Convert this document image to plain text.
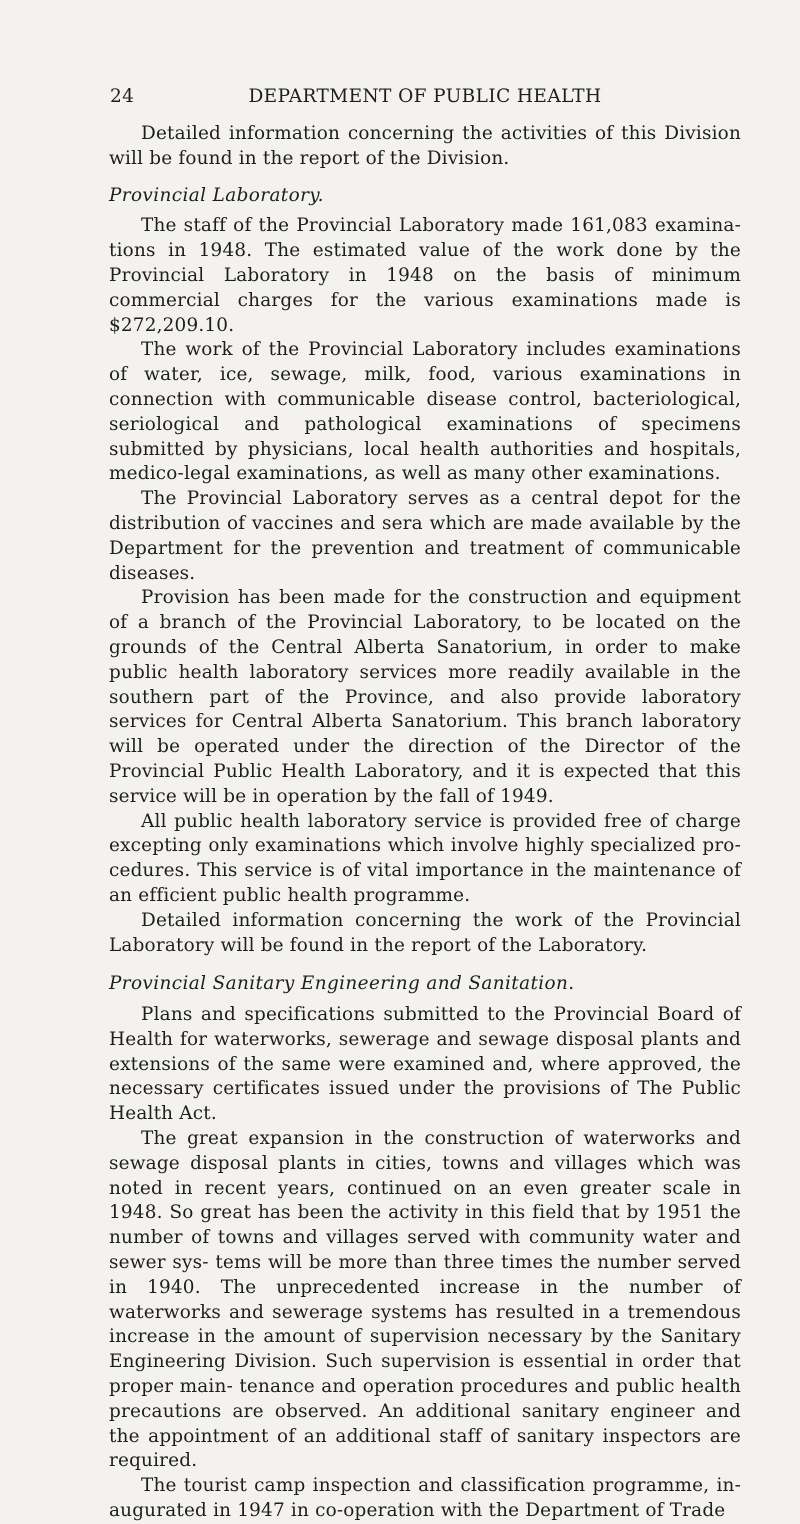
24	DEPARTMENT OF PUBLIC HEALTH

Detailed information concerning the activities of this Division will be found in the report of the Division.

Provincial Laboratory.

The staff of the Provincial Laboratory made 161,083 examina- tions in 1948. The estimated value of the work done by the Provincial Laboratory in 1948 on the basis of minimum commercial charges for the various examinations made is $272,209.10.

The work of the Provincial Laboratory includes examinations of water, ice, sewage, milk, food, various examinations in connection with communicable disease control, bacteriological, seriological and pathological examinations of specimens submitted by physicians, local health authorities and hospitals, medico-legal examinations, as well as many other examinations.

The Provincial Laboratory serves as a central depot for the distribution of vaccines and sera which are made available by the Department for the prevention and treatment of communicable diseases.

Provision has been made for the construction and equipment of a branch of the Provincial Laboratory, to be located on the grounds of the Central Alberta Sanatorium, in order to make public health laboratory services more readily available in the southern part of the Province, and also provide laboratory services for Central Alberta Sanatorium. This branch laboratory will be operated under the direction of the Director of the Provincial Public Health Laboratory, and it is expected that this service will be in operation by the fall of 1949.

All public health laboratory service is provided free of charge excepting only examinations which involve highly specialized pro- cedures. This service is of vital importance in the maintenance of an efficient public health programme.

Detailed information concerning the work of the Provincial Laboratory will be found in the report of the Laboratory.

Provincial Sanitary Engineering and Sanitation.

Plans and specifications submitted to the Provincial Board of Health for waterworks, sewerage and sewage disposal plants and extensions of the same were examined and, where approved, the necessary certificates issued under the provisions of The Public Health Act.

The great expansion in the construction of waterworks and sewage disposal plants in cities, towns and villages which was noted in recent years, continued on an even greater scale in 1948. So great has been the activity in this field that by 1951 the number of towns and villages served with community water and sewer sys- tems will be more than three times the number served in 1940. The unprecedented increase in the number of waterworks and sewerage systems has resulted in a tremendous increase in the amount of supervision necessary by the Sanitary Engineering Division. Such supervision is essential in order that proper main- tenance and operation procedures and public health precautions are observed. An additional sanitary engineer and the appointment of an additional staff of sanitary inspectors are required.

The tourist camp inspection and classification programme, in- augurated in 1947 in co-operation with the Department of Trade
